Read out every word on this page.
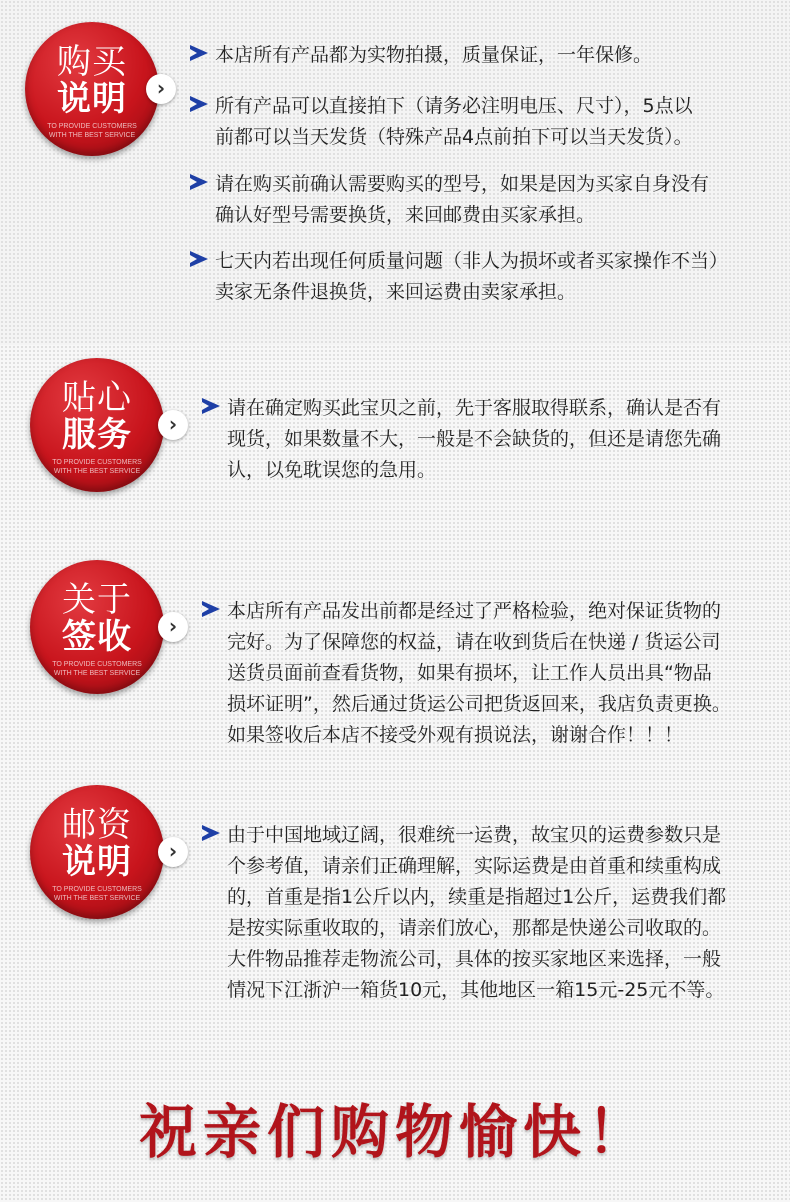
购买
说明
TO PROVIDE CUSTOMERS
WITH THE BEST SERVICE
›
本店所有产品都为实物拍摄，质量保证，一年保修。
所有产品可以直接拍下（请务必注明电压、尺寸），5点以
前都可以当天发货（特殊产品4点前拍下可以当天发货）。
请在购买前确认需要购买的型号，如果是因为买家自身没有
确认好型号需要换货，来回邮费由买家承担。
七天内若出现任何质量问题（非人为损坏或者买家操作不当）
卖家无条件退换货，来回运费由卖家承担。
贴心
服务
TO PROVIDE CUSTOMERS
WITH THE BEST SERVICE
›
请在确定购买此宝贝之前，先于客服取得联系，确认是否有
现货，如果数量不大，一般是不会缺货的，但还是请您先确
认，以免耽误您的急用。
关于
签收
TO PROVIDE CUSTOMERS
WITH THE BEST SERVICE
›
本店所有产品发出前都是经过了严格检验，绝对保证货物的
完好。为了保障您的权益，请在收到货后在快递 / 货运公司
送货员面前查看货物，如果有损坏，让工作人员出具“物品
损坏证明”，然后通过货运公司把货返回来，我店负责更换。
如果签收后本店不接受外观有损说法，谢谢合作！！！
邮资
说明
TO PROVIDE CUSTOMERS
WITH THE BEST SERVICE
›
由于中国地域辽阔，很难统一运费，故宝贝的运费参数只是
个参考值，请亲们正确理解，实际运费是由首重和续重构成
的，首重是指1公斤以内，续重是指超过1公斤，运费我们都
是按实际重收取的，请亲们放心，那都是快递公司收取的。
大件物品推荐走物流公司，具体的按买家地区来选择，一般
情况下江浙沪一箱货10元，其他地区一箱15元-25元不等。
祝亲们购物愉快！
